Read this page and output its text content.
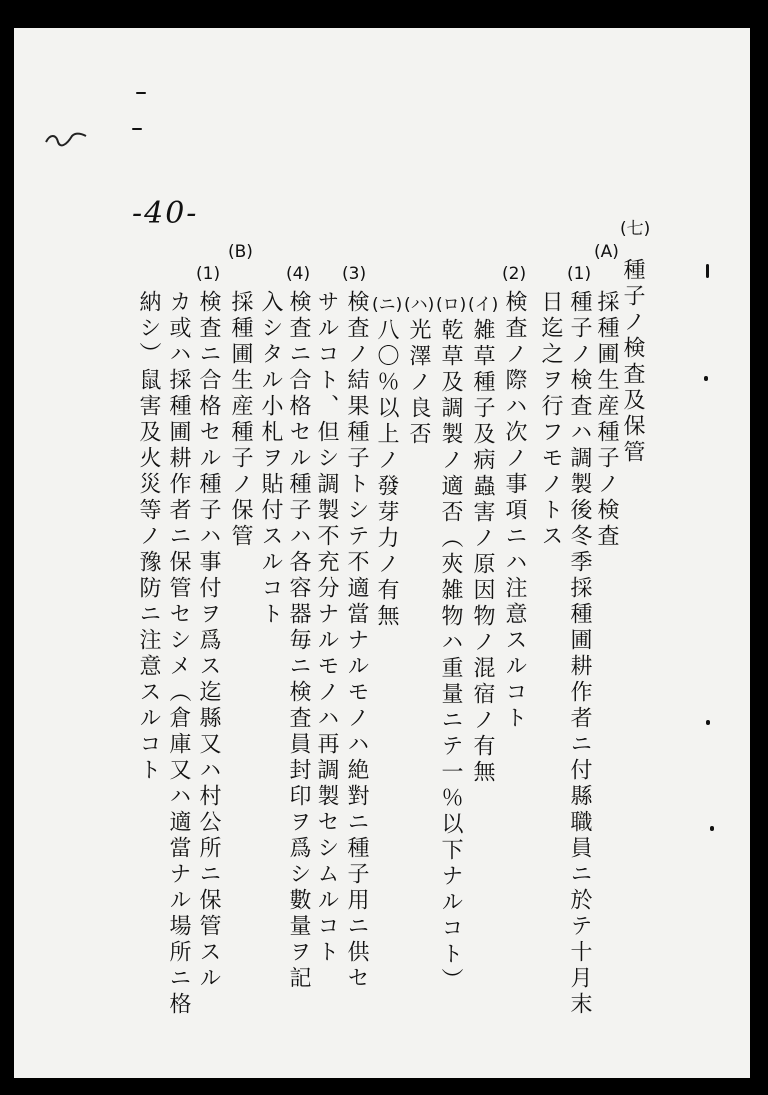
-40-	(七)
種子ノ検査及保管
(A)
採種圃生産種子ノ検査
(1)
種子ノ検査ハ調製後冬季採種圃耕作者ニ付縣職員ニ於テ十月末
日迄之ヲ行フモノトス
(2)
検査ノ際ハ次ノ事項ニハ注意スルコト
(イ)
雑草種子及病蟲害ノ原因物ノ混宿ノ有無
(ロ)
乾草及調製ノ適否（夾雑物ハ重量ニテ一％以下ナルコト）
(ハ)
光澤ノ良否
(ニ)
八〇％以上ノ發芽力ノ有無
(3)
検査ノ結果種子トシテ不適當ナルモノハ絶對ニ種子用ニ供セ
サルコト、但シ調製不充分ナルモノハ再調製セシムルコト
(4)
検査ニ合格セル種子ハ各容器毎ニ検査員封印ヲ爲シ數量ヲ記
入シタル小札ヲ貼付スルコト
(B)
採種圃生産種子ノ保管
(1)
検査ニ合格セル種子ハ事付ヲ爲ス迄縣又ハ村公所ニ保管スル
カ或ハ採種圃耕作者ニ保管セシメ（倉庫又ハ適當ナル場所ニ格
納シ）鼠害及火災等ノ豫防ニ注意スルコト
